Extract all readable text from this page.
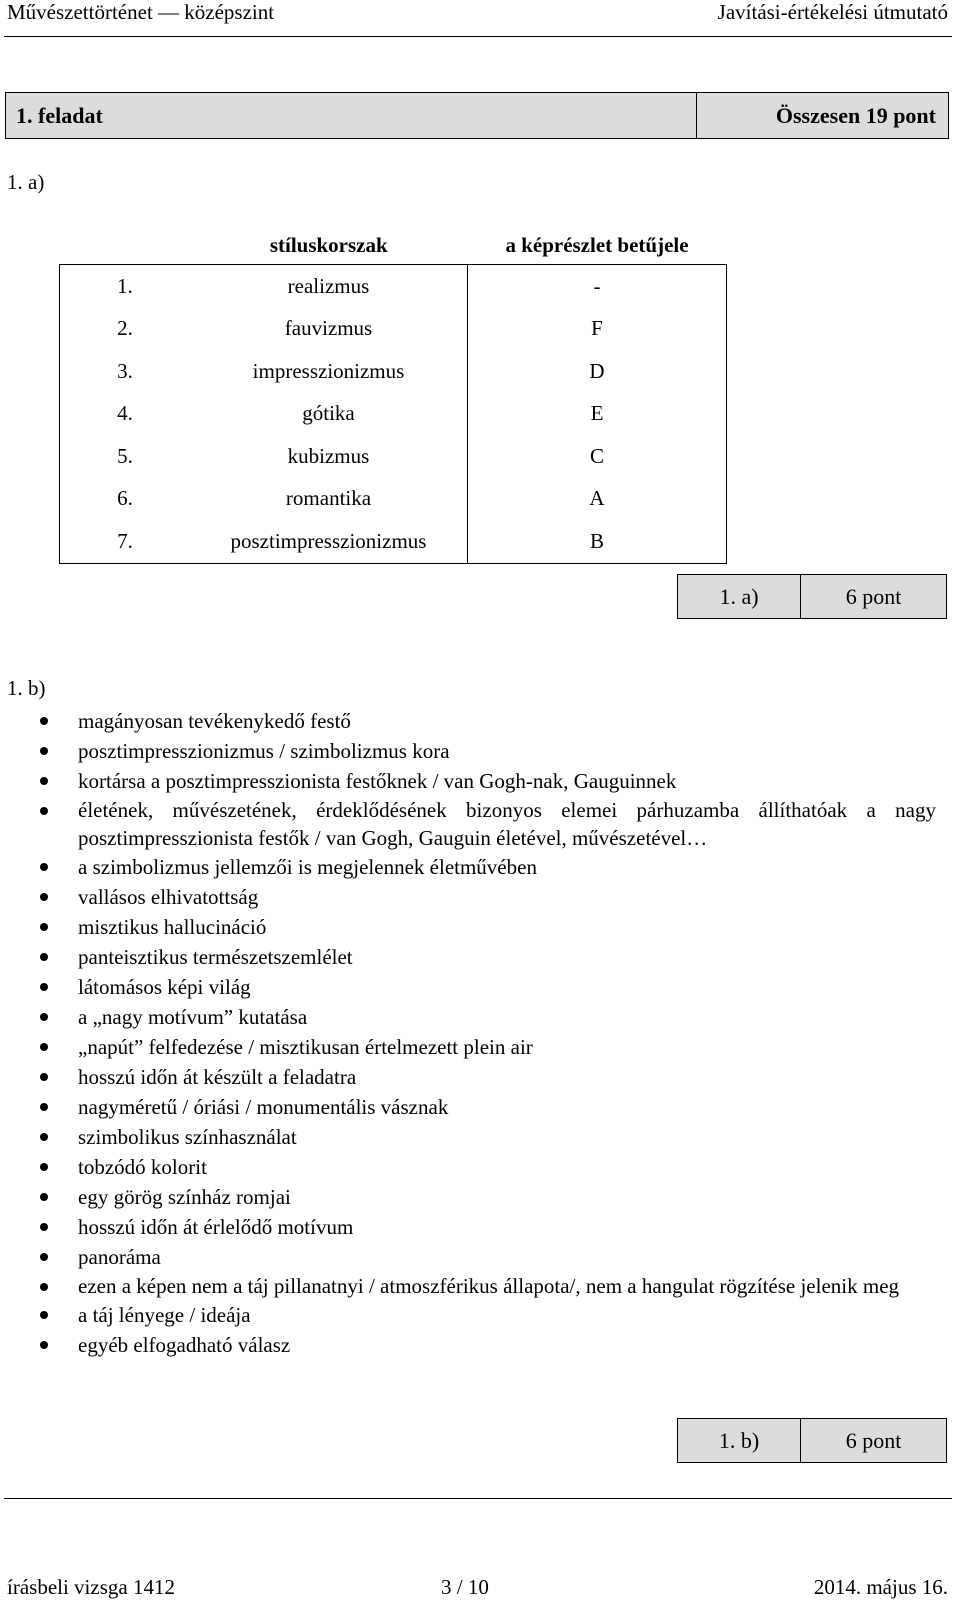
Művészettörténet — középszint	Javítási-értékelési útmutató
1. feladat	Összesen 19 pont
1. a)
	stíluskorszak	a képrészlet betűjele
1.	realizmus	-
2.	fauvizmus	F
3.	impresszionizmus	D
4.	gótika	E
5.	kubizmus	C
6.	romantika	A
7.	posztimpresszionizmus	B
1. a)	6 pont
1. b)
magányosan tevékenykedő festő
posztimpresszionizmus / szimbolizmus kora
kortársa a posztimpresszionista festőknek / van Gogh-nak, Gauguinnek
életének, művészetének, érdeklődésének bizonyos elemei párhuzamba állíthatóak a nagy posztimpresszionista festők / van Gogh, Gauguin életével, művészetével…
a szimbolizmus jellemzői is megjelennek életművében
vallásos elhivatottság
misztikus hallucináció
panteisztikus természetszemlélet
látomásos képi világ
a „nagy motívum” kutatása
„napút” felfedezése / misztikusan értelmezett plein air
hosszú időn át készült a feladatra
nagyméretű / óriási / monumentális vásznak
szimbolikus színhasználat
tobzódó kolorit
egy görög színház romjai
hosszú időn át érlelődő motívum
panoráma
ezen a képen nem a táj pillanatnyi / atmoszférikus állapota/, nem a hangulat rögzítése jelenik meg
a táj lényege / ideája
egyéb elfogadható válasz
1. b)	6 pont
írásbeli vizsga 1412	3 / 10	2014. május 16.
